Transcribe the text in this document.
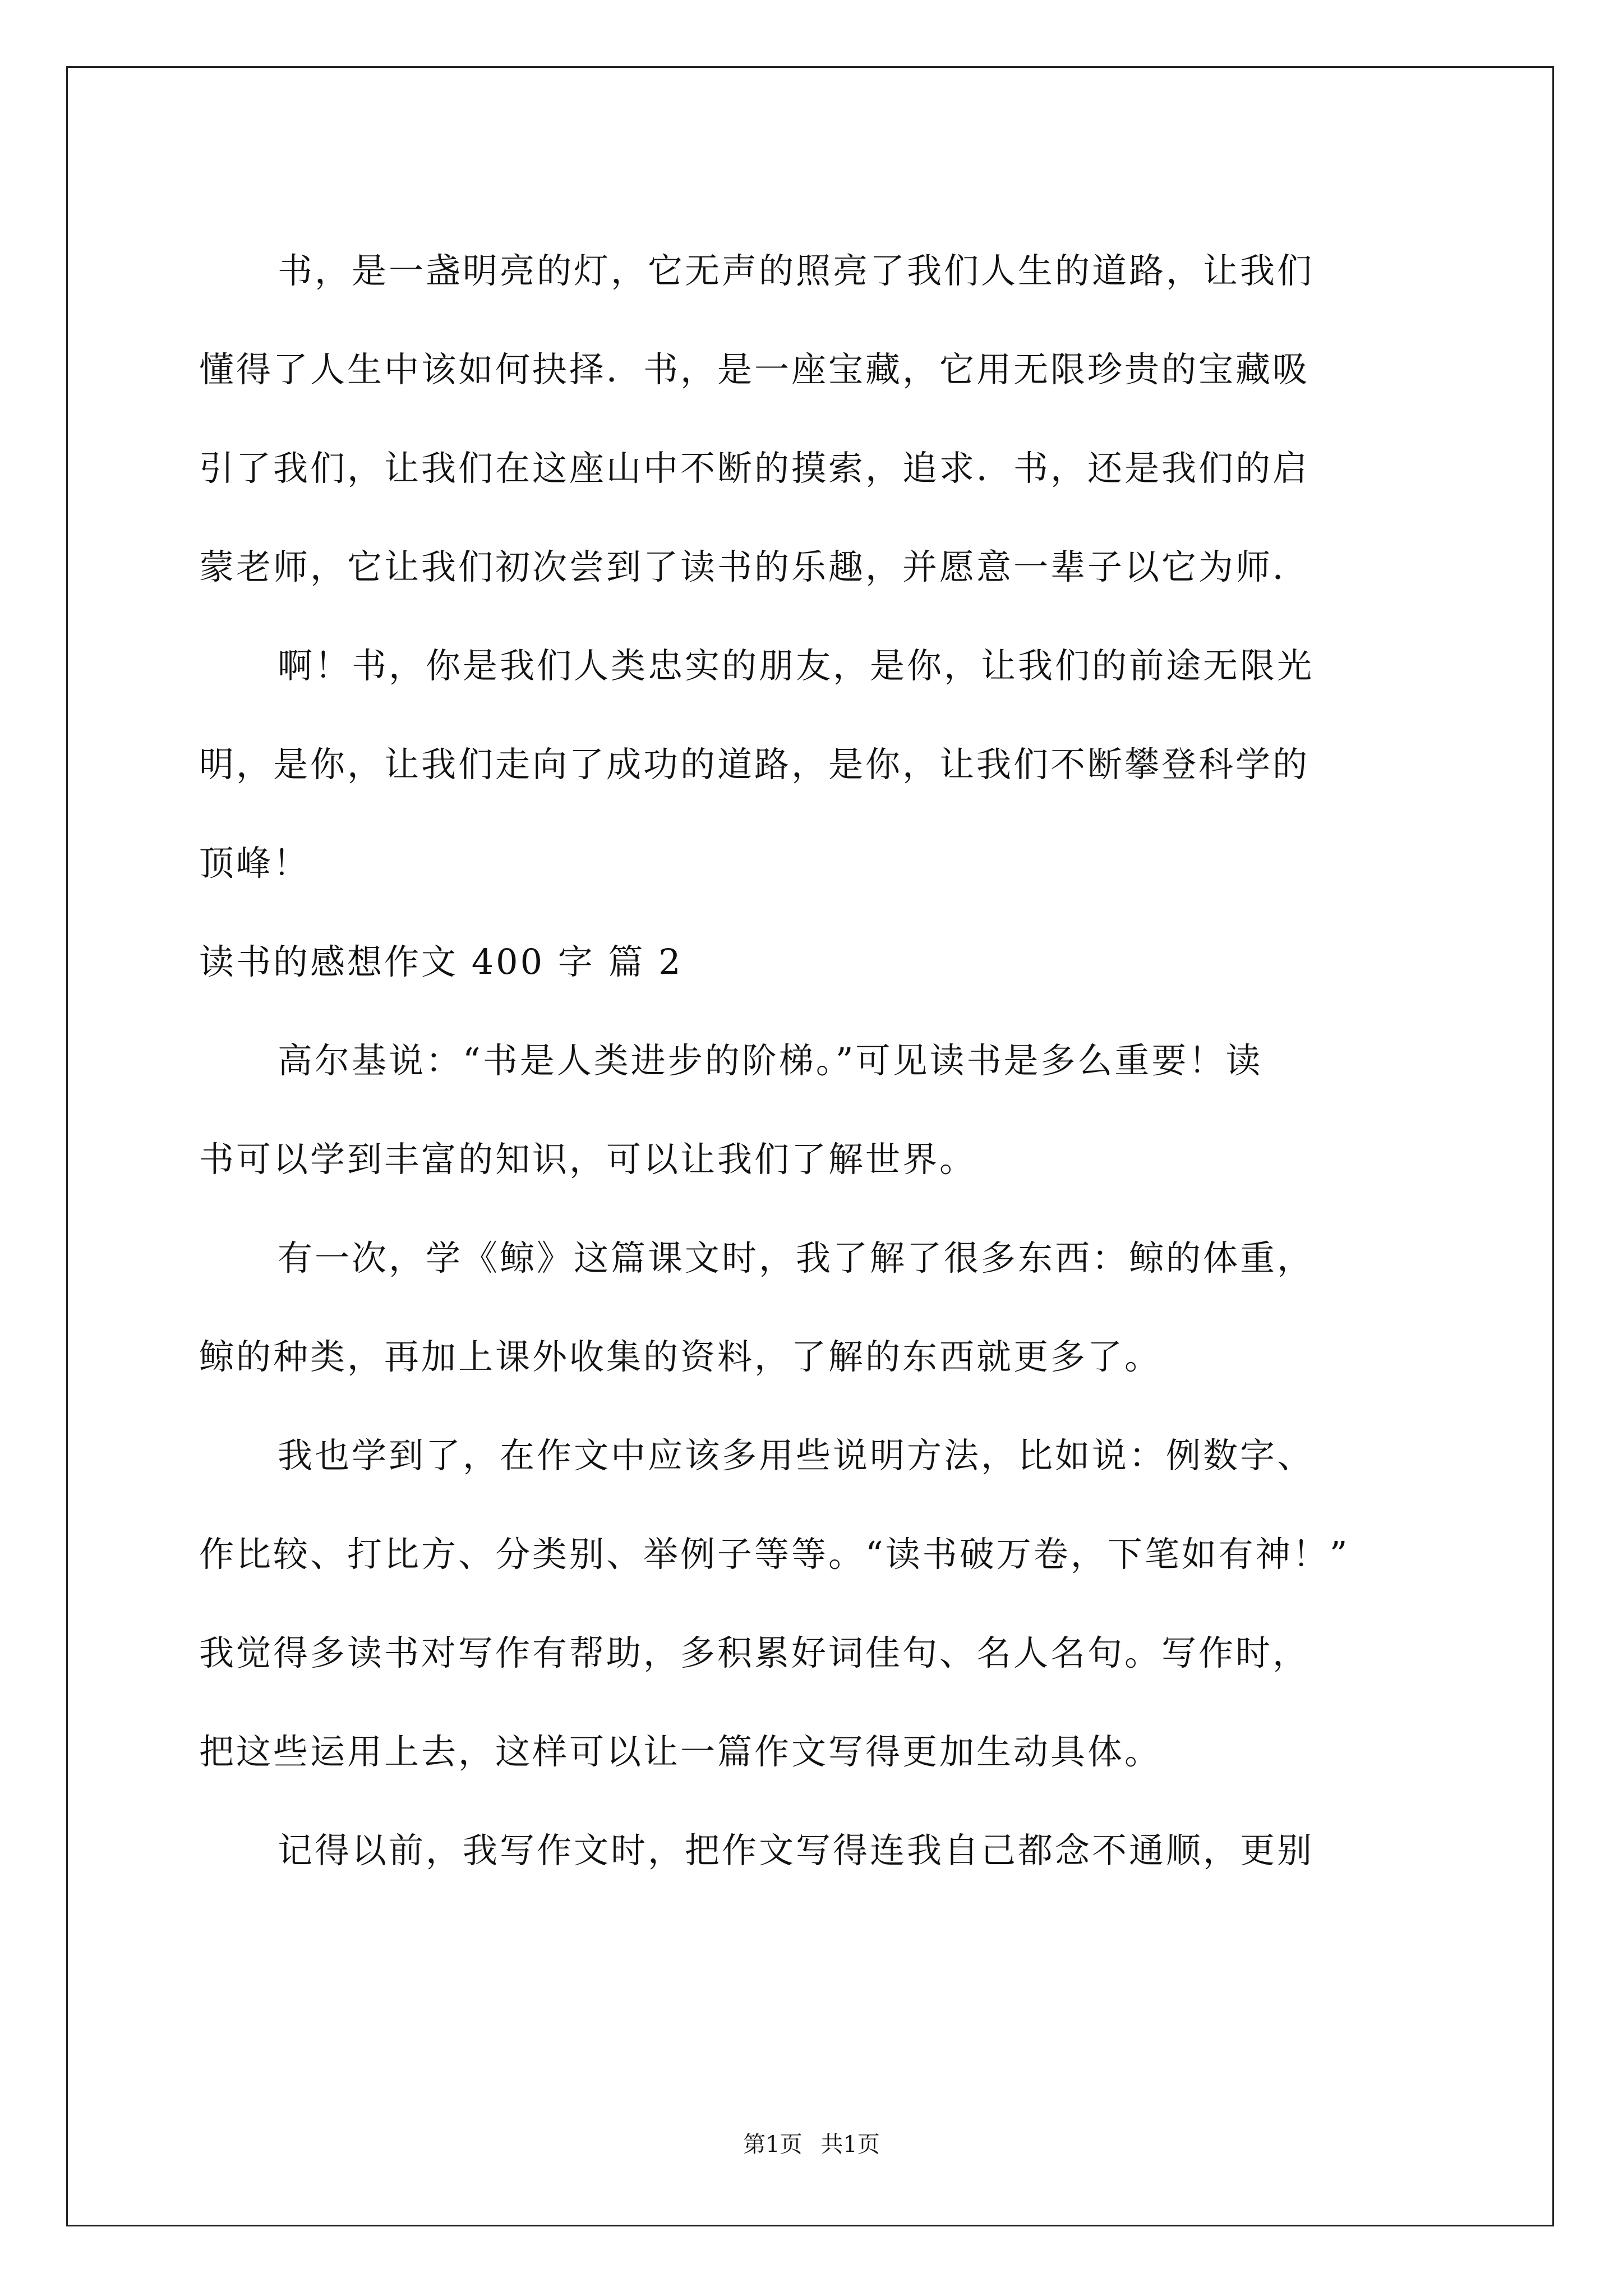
书，是一盏明亮的灯，它无声的照亮了我们人生的道路，让我们
懂得了人生中该如何抉择．书，是一座宝藏，它用无限珍贵的宝藏吸
引了我们，让我们在这座山中不断的摸索，追求．书，还是我们的启
蒙老师，它让我们初次尝到了读书的乐趣，并愿意一辈子以它为师．
啊！书，你是我们人类忠实的朋友，是你，让我们的前途无限光
明，是你，让我们走向了成功的道路，是你，让我们不断攀登科学的
顶峰！
读书的感想作文 400 字 篇 2
高尔基说：“书是人类进步的阶梯。”可见读书是多么重要！读
书可以学到丰富的知识，可以让我们了解世界。
有一次，学《鲸》这篇课文时，我了解了很多东西：鲸的体重，
鲸的种类，再加上课外收集的资料，了解的东西就更多了。
我也学到了，在作文中应该多用些说明方法，比如说：例数字、
作比较、打比方、分类别、举例子等等。“读书破万卷，下笔如有神！”
我觉得多读书对写作有帮助，多积累好词佳句、名人名句。写作时，
把这些运用上去，这样可以让一篇作文写得更加生动具体。
记得以前，我写作文时，把作文写得连我自己都念不通顺，更别
第1页 共1页
